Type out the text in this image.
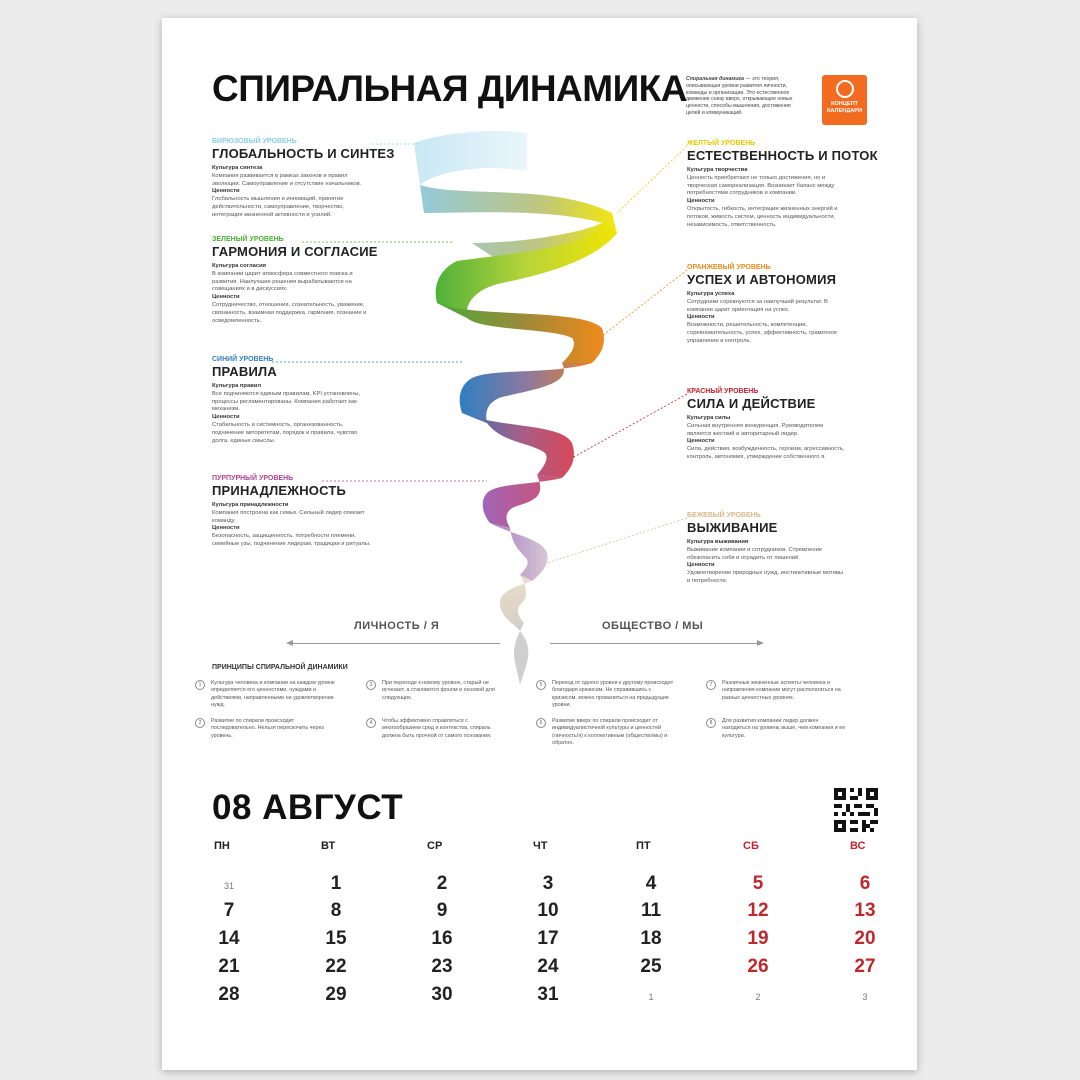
СПИРАЛЬНАЯ ДИНАМИКА Спиральная динамика — это теория, описывающая уровни развития личности, команды и организации. Это естественное движение снизу вверх, открывающее новые ценности, способы мышления, достижения целей и коммуникаций.
КОНЦЕПТ
КАЛЕНДАРИ
БИРЮЗОВЫЙ УРОВЕНЬ
ГЛОБАЛЬНОСТЬ И СИНТЕЗ
Культура синтеза
Компания развивается в рамках законов и правил эволюции. Самоуправление и отсутствие начальников.
Ценности
Глобальность мышления и инноваций, принятие действительности, самоуправление, творчество, интеграция жизненной активности и усилий.
ЗЕЛЕНЫЙ УРОВЕНЬ
ГАРМОНИЯ И СОГЛАСИЕ
Культура согласия
В компании царит атмосфера совместного поиска и развития. Наилучшие решения вырабатываются на совещаниях и в дискуссиях.
Ценности
Сотрудничество, отношения, сознательность, уважение, связанность, взаимная поддержка, гармония, познание и осведомленность.
СИНИЙ УРОВЕНЬ
ПРАВИЛА
Культура правил
Все подчиняются единым правилам, KPI установлены, процессы регламентированы. Компания работает как механизм.
Ценности
Стабильность и системность, организованность, подчинение авторитетам, порядок и правила, чувство долга, единые смыслы.
ПУРПУРНЫЙ УРОВЕНЬ
ПРИНАДЛЕЖНОСТЬ
Культура принадлежности
Компания построена как семья. Сильный лидер опекает команду.
Ценности
Безопасность, защищенность, потребности племени, семейные узы, подчинение лидерам, традиции и ритуалы.
ЖЕЛТЫЙ УРОВЕНЬ
ЕСТЕСТВЕННОСТЬ И ПОТОК
Культура творчества
Ценность приобретают не только достижения, но и творческая самореализация. Возникает баланс между потребностями сотрудников и компании.
Ценности
Открытость, гибкость, интеграции жизненных энергий и потоков, живость систем, ценность индивидуальности, независимость, ответственность.
ОРАНЖЕВЫЙ УРОВЕНЬ
УСПЕХ И АВТОНОМИЯ
Культура успеха
Сотрудники соревнуются за наилучший результат. В компании царит ориентация на успех.
Ценности
Возможности, решительность, компетенции, соревновательность, успех, эффективность, грамотное управление и контроль.
КРАСНЫЙ УРОВЕНЬ
СИЛА И ДЕЙСТВИЕ
Культура силы
Сильная внутренняя конкуренция. Руководителем является жесткий и авторитарный лидер.
Ценности
Сила, действия, возбужденность, героизм, агрессивность, контроль, автономия, утверждение собственного я.
БЕЖЕВЫЙ УРОВЕНЬ
ВЫЖИВАНИЕ
Культура выживания
Выживание компании и сотрудников. Стремление обезопасить себя и оградить от лишений.
Ценности
Удовлетворение природных нужд, инстинктивные мотивы и потребности.
ЛИЧНОСТЬ / Я	ОБЩЕСТВО / МЫ
ПРИНЦИПЫ СПИРАЛЬНОЙ ДИНАМИКИ
1	Культура человека и компании на каждом уровне определяется его ценностями, нуждами и действиями, направленными на удовлетворение нужд.
2	Развитие по спирали происходит последовательно. Нельзя перескочить через уровень.
3	При переходе к новому уровню, старый не исчезает, а становится фоном и основой для следующих.
4	Чтобы эффективно справляться с многообразием сред и контекстов, спираль должна быть прочной от самого основания.
5	Переход от одного уровня к другому происходит благодаря кризисам. Не справившись с кризисом, можно провалиться на предыдущие уровни.
6	Развитие вверх по спирали происходит от индивидуалистичной культуры и ценностей (личность/я) к коллективным (общество/мы) и обратно.
7	Различные жизненные аспекты человека и направления компании могут располагаться на разных ценностных уровнях.
8	Для развития компании лидер должен находиться на уровень выше, чем компания и ее культура.
08 АВГУСТ
ПН	ВТ	СР	ЧТ	ПТ	СБ	ВС
31	1	2	3	4	5	6
7	8	9	10	11	12	13
14	15	16	17	18	19	20
21	22	23	24	25	26	27
28	29	30	31	1	2	3
